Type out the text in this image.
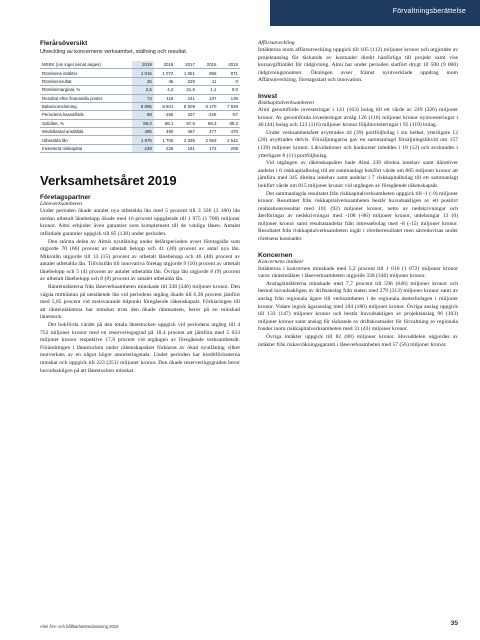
Förvaltningsberättelse
Flerårsöversikt

Utveckling av koncernens verksamhet, ställning och resultat.

MSEK (om inget annat anges)	2019	2018	2017	2016	2015
Rörelsens intäkter	1 016	1 072	1 061	958	871
Rörelseresultat	25	45	229	11	0
Rörelsemarginal, %	2,5	4,2	21,6	1,1	0,0
Resultat efter finansiella poster	74	118	241	137	139
Balansomslutning	8 895	8 601	8 509	8 170	7 929
Periodens kassaflöde	88	-165	227	-226	-57
Soliditet, %	86,0	88,1	87,6	88,3	89,3
Medeltantal anställda	495	490	487	477	470
Utbetalda lån	1 975	1 700	2 335	2 953	2 542
Investerat riskkapital	249	226	181	172	208
Verksamhetsåret 2019
Företagspartner
Låneverksamheten

Under perioden ökade antalet nya utbetalda lån med 5 procent till 3 336 (3 180) lån medan utbetalt lånebelopp ökade med 16 procent uppgående till 1 975 (1 700) miljoner kronor. Almi erbjuder även garantier som komplement till de vanliga lånen. Antalet utfärdade garantier uppgick till 85 (138) under perioden.

Den största delen av Almis nyutlåning under delårsperioden avser företagslån som utgjorde 70 (66) procent av utbetalt belopp och 41 (40) procent av antal nya lån. Mikrolån utgjorde till 13 (15) procent av utbetalt lånebelopp och 46 (48) procent av antalet utbetalda lån. Tillväxtlån till innovativa företag utgjorde 9 (10) procent av utbetalt lånebelopp och 5 (4) procent av antalet utbetalda lån. Övriga lån utgjorde 8 (9) procent av utbetalt lånebelopp och 8 (8) procent av antalet utbetalda lån.

Ränteintäkterna från låneverksamheten minskade till 338 (346) miljoner kronor. Den vägda mitträntan på utestående lån vid periodens utgång ökade till 6,28 procent jämfört med 5,85 procent vid motsvarande tidpunkt föregående räkenskapsår. Förklaringen till att ränteintäkterna har minskat trots den ökade räntesatsen, beror på en minskad lånestock.

Det bokförda värdet på den totala lånestocken uppgick vid periodens utgång till 4 752 miljoner kronor med en reserveringsgrad på 18,4 procent att jämföra med 5 033 miljoner kronor respektive 17,6 procent vid utgången av föregående verksamhetsår. Förändringen i lånestocken under räkenskapsåret förklaras av ökad nyutlåning vilket motverkats av en något högre amorteringstakt. Under perioden har kreditförlusterna minskat och uppgick till 223 (251) miljoner kronor. Den ökade reserveringsgraden beror huvudsakligen på att lånestocken minskat.

Affärsutveckling

Intäkterna inom affärsutveckling uppgick till 105 (112) miljoner kronor och utgjordes av projektanslag för täckande av kostnader direkt hänförliga till projekt samt viss kursavgiftintäkt för rådgivning. Almi har under perioden slutfört drygt 10 500 (9 000) rådgivningsinsatser. Ökningen avser främst nyutvecklade uppdrag inom Affärsutveckling, företagsstart och innovation.

Invest
Riskkapitalverksamheten

Almi genomförde investeringar i 141 (163) bolag till ett värde av 249 (226) miljoner kronor. Av genomförda investeringar avsåg 126 (110) miljoner kronor nyinvesteringar i 46 (44) bolag och 123 (116) miljoner kronor följdinvesteringar i 95 (119) bolag.

Under verksamhetsåret avyttrades 44 (39) portföljbolag i sin helhet, ytterligare 12 (20) avyttrades delvis. Försäljningarna gav en sammanlagd försäljningslikvid om 157 (139) miljoner kronor. Likvidationer och konkurser inleddes i 10 (12) och avslutades i ytterligare 8 (11) portföljbolag.

Vid utgången av räkenskapsåret hade Almi 339 direkta innehav samt därutöver andelar i 6 riskkapitalbolag till ett sammanlagt bokfört värde om 885 miljoner kronor att jämföra med 345 direkta innehav samt andelar i 7 riskkapitalbolag till ett sammanlagt bokfört värde om 815 miljoner kronor vid utgången av föregående räkenskapsår.

Det sammanlagda resultatet från riskkapitalverksamheten uppgick till -1 (-9) miljoner kronor. Resultatet från riskkapitalverksamheten består huvudsakligen av ett positivt realisationsresultat med 101 (92) miljoner kronor, netto av nedskrivningar och återföringar av nedskrivningar med -108 (-86) miljoner kronor, utdelningar 13 (0) miljoner kronor samt resultatandelar från intressebolag med -8 (-15) miljoner kronor. Resultatet från riskkapitalverksamheten ingår i rörelseresultatet men särredovisas under rörelsens kostnader.

Koncernen
Koncernens intäkter

Intäkterna i koncernen minskade med 5,2 procent till 1 016 (1 072) miljoner kronor varav ränteintäkter i låneverksamheten utgjorde 338 (346) miljoner kronor.

Anslagsintäkterna minskade med 7,7 procent till 596 (646) miljoner kronor och bestod huvudsakligen av driftsanslag från staten med 279 (313) miljoner kronor samt av anslag från regionala ägare till verksamheten i de regionala dotterbolagen i miljoner kronor. Vidare ingick ägaranslag med 184 (186) miljoner kronor. Övriga anslag uppgick till 133 (147) miljoner kronor och består huvudsakligen av projektanslag 96 (103) miljoner kronor samt anslag för täckande av driftskostnader för förvaltning av regionala fonder inom riskkapitalverksamheten med 31 (43) miljoner kronor.

Övriga intäkter uppgick till 82 (80) miljoner kronor. Huvuddelen utgjordes av intäkter från riskavräkningsgaranti i låneverksamheten med 57 (56) miljoner kronor.

Almi Års- och hållbarhetsredovisning 2019	35
